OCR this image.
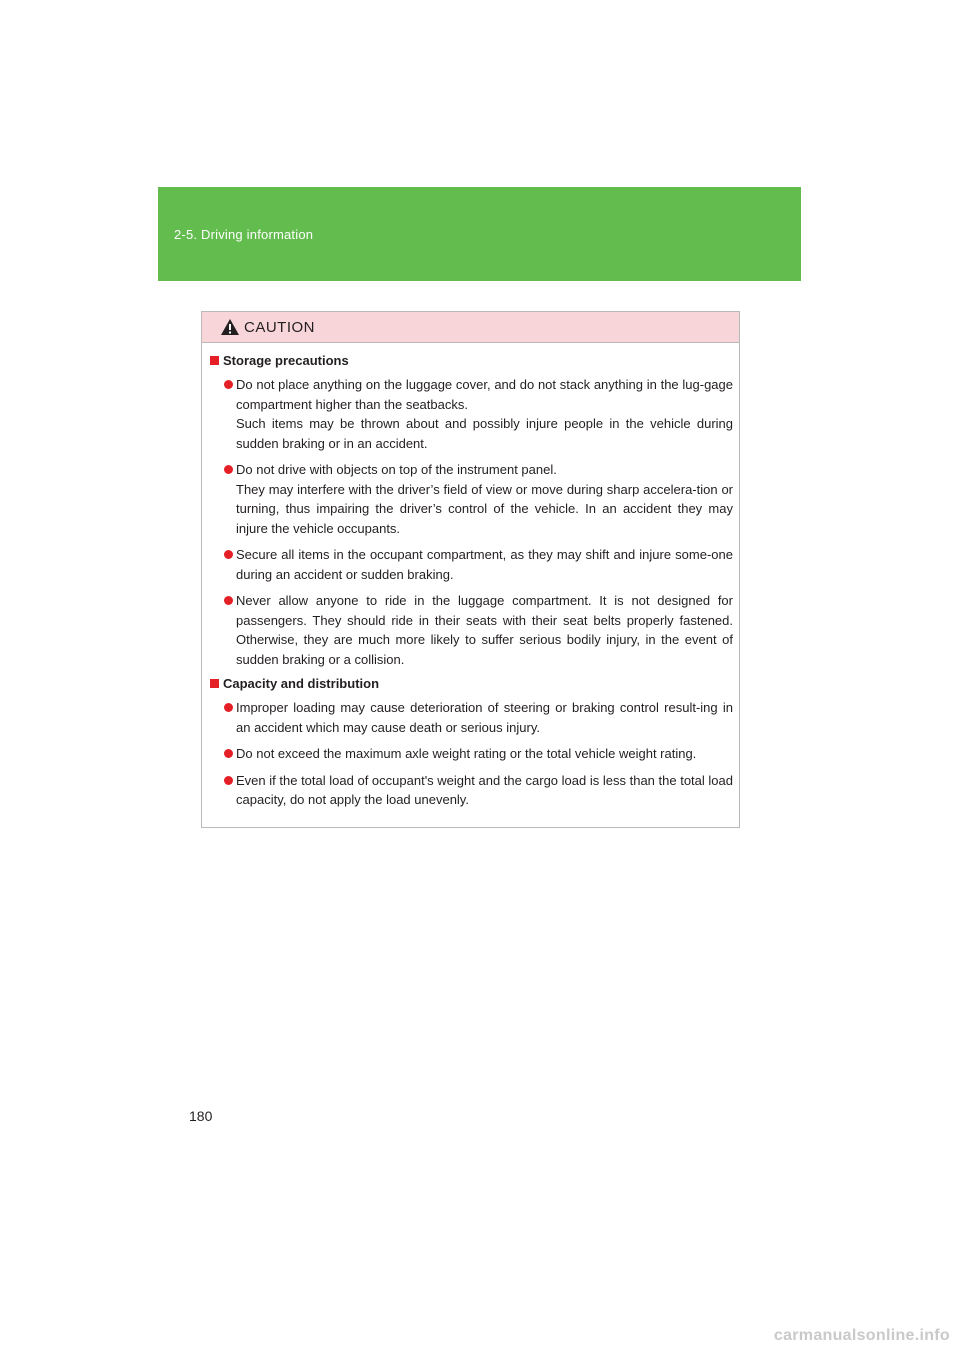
2-5. Driving information
CAUTION
Storage precautions
Do not place anything on the luggage cover, and do not stack anything in the lug-gage compartment higher than the seatbacks.
Such items may be thrown about and possibly injure people in the vehicle during sudden braking or in an accident.
Do not drive with objects on top of the instrument panel.
They may interfere with the driver’s field of view or move during sharp accelera-tion or turning, thus impairing the driver’s control of the vehicle. In an accident they may injure the vehicle occupants.
Secure all items in the occupant compartment, as they may shift and injure some-one during an accident or sudden braking.
Never allow anyone to ride in the luggage compartment. It is not designed for passengers. They should ride in their seats with their seat belts properly fastened. Otherwise, they are much more likely to suffer serious bodily injury, in the event of sudden braking or a collision.
Capacity and distribution
Improper loading may cause deterioration of steering or braking control result-ing in an accident which may cause death or serious injury.
Do not exceed the maximum axle weight rating or the total vehicle weight rating.
Even if the total load of occupant's weight and the cargo load is less than the total load capacity, do not apply the load unevenly.
180
carmanualsonline.info
